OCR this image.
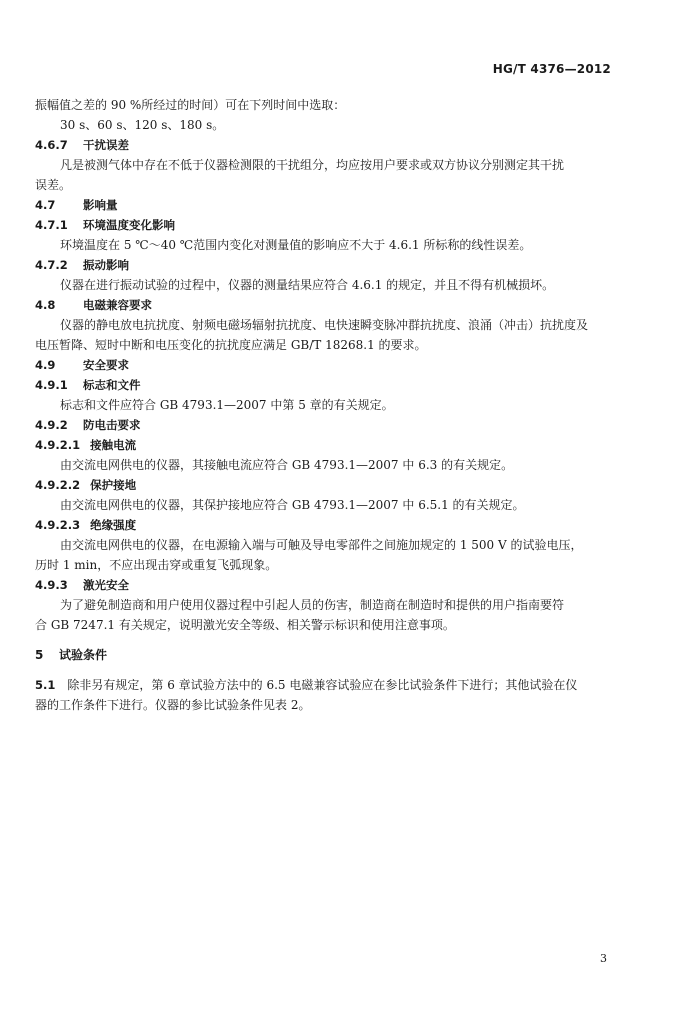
HG/T 4376—2012
振幅值之差的 90 %所经过的时间）可在下列时间中选取：
30 s、60 s、120 s、180 s。
4.6.7 干扰误差
凡是被测气体中存在不低于仪器检测限的干扰组分，均应按用户要求或双方协议分别测定其干扰
误差。
4.7 影响量
4.7.1 环境温度变化影响
环境温度在 5 ℃～40 ℃范围内变化对测量值的影响应不大于 4.6.1 所标称的线性误差。
4.7.2 振动影响
仪器在进行振动试验的过程中，仪器的测量结果应符合 4.6.1 的规定，并且不得有机械损坏。
4.8 电磁兼容要求
仪器的静电放电抗扰度、射频电磁场辐射抗扰度、电快速瞬变脉冲群抗扰度、浪涌（冲击）抗扰度及
电压暂降、短时中断和电压变化的抗扰度应满足 GB/T 18268.1 的要求。
4.9 安全要求
4.9.1 标志和文件
标志和文件应符合 GB 4793.1—2007 中第 5 章的有关规定。
4.9.2 防电击要求
4.9.2.1 接触电流
由交流电网供电的仪器，其接触电流应符合 GB 4793.1—2007 中 6.3 的有关规定。
4.9.2.2 保护接地
由交流电网供电的仪器，其保护接地应符合 GB 4793.1—2007 中 6.5.1 的有关规定。
4.9.2.3 绝缘强度
由交流电网供电的仪器，在电源输入端与可触及导电零部件之间施加规定的 1 500 V 的试验电压，
历时 1 min，不应出现击穿或重复飞弧现象。
4.9.3 激光安全
为了避免制造商和用户使用仪器过程中引起人员的伤害，制造商在制造时和提供的用户指南要符
合 GB 7247.1 有关规定，说明激光安全等级、相关警示标识和使用注意事项。
5 试验条件
5.1 除非另有规定，第 6 章试验方法中的 6.5 电磁兼容试验应在参比试验条件下进行；其他试验在仪
器的工作条件下进行。仪器的参比试验条件见表 2。
3
